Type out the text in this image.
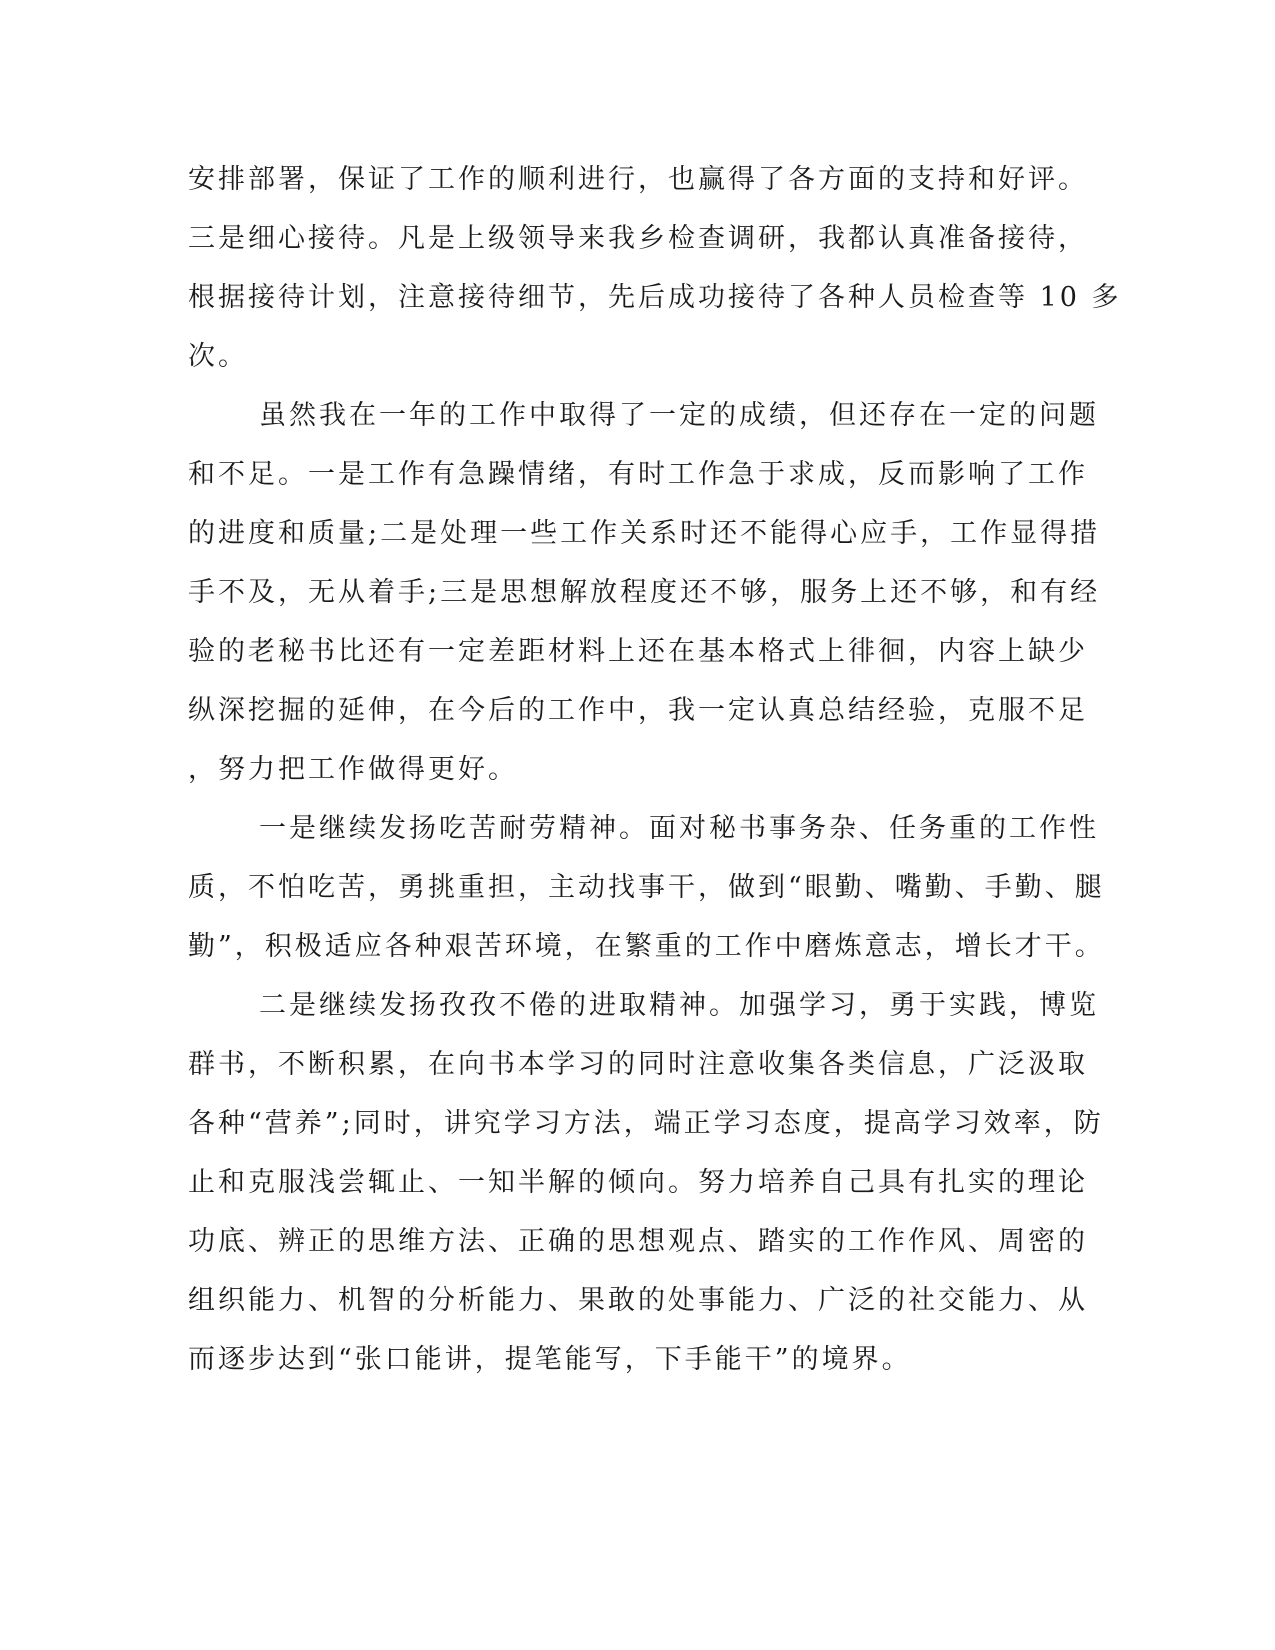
安排部署，保证了工作的顺利进行，也赢得了各方面的支持和好评。
三是细心接待。凡是上级领导来我乡检查调研，我都认真准备接待，
根据接待计划，注意接待细节，先后成功接待了各种人员检查等 10 多
次。
虽然我在一年的工作中取得了一定的成绩，但还存在一定的问题
和不足。一是工作有急躁情绪，有时工作急于求成，反而影响了工作
的进度和质量;二是处理一些工作关系时还不能得心应手，工作显得措
手不及，无从着手;三是思想解放程度还不够，服务上还不够，和有经
验的老秘书比还有一定差距材料上还在基本格式上徘徊，内容上缺少
纵深挖掘的延伸，在今后的工作中，我一定认真总结经验，克服不足
，努力把工作做得更好。
一是继续发扬吃苦耐劳精神。面对秘书事务杂、任务重的工作性
质，不怕吃苦，勇挑重担，主动找事干，做到“眼勤、嘴勤、手勤、腿
勤”，积极适应各种艰苦环境，在繁重的工作中磨炼意志，增长才干。
二是继续发扬孜孜不倦的进取精神。加强学习，勇于实践，博览
群书，不断积累，在向书本学习的同时注意收集各类信息，广泛汲取
各种“营养”;同时，讲究学习方法，端正学习态度，提高学习效率，防
止和克服浅尝辄止、一知半解的倾向。努力培养自己具有扎实的理论
功底、辨正的思维方法、正确的思想观点、踏实的工作作风、周密的
组织能力、机智的分析能力、果敢的处事能力、广泛的社交能力、从
而逐步达到“张口能讲，提笔能写，下手能干”的境界。
